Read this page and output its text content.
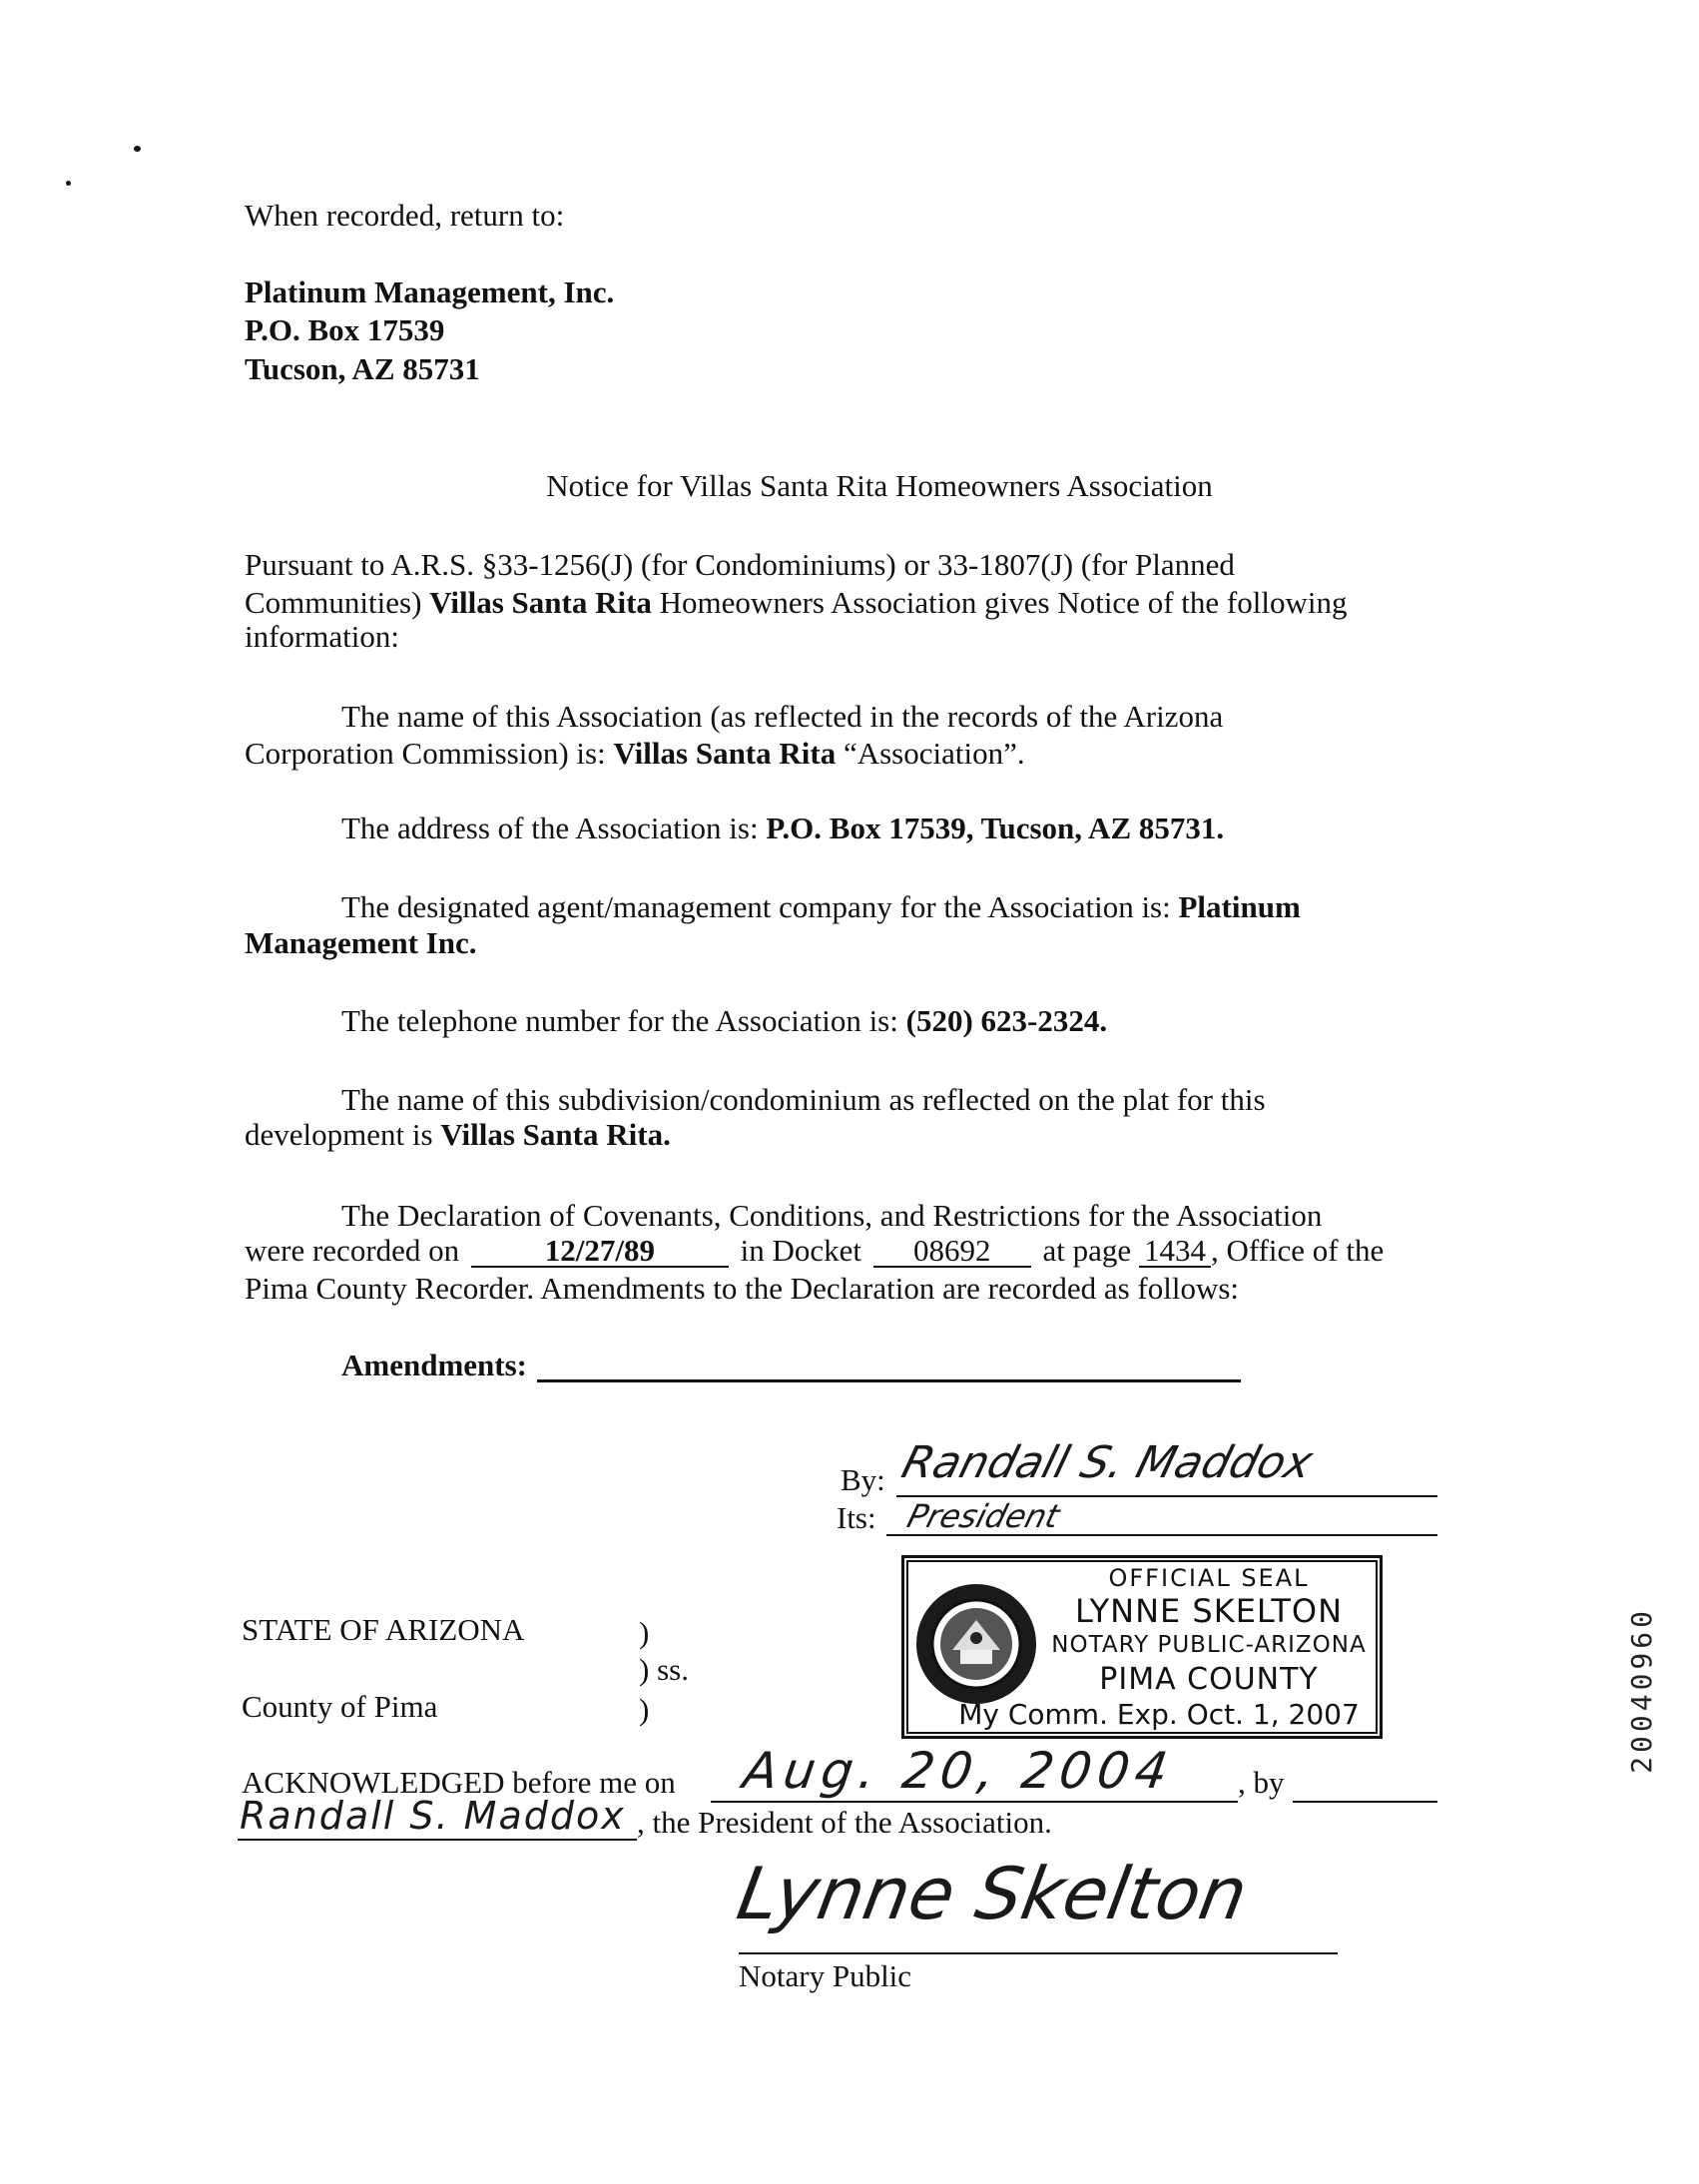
When recorded, return to:
Platinum Management, Inc.
P.O. Box 17539
Tucson, AZ 85731
Notice for Villas Santa Rita Homeowners Association
Pursuant to A.R.S. §33-1256(J) (for Condominiums) or 33-1807(J) (for Planned
Communities) Villas Santa Rita Homeowners Association gives Notice of the following
information:
The name of this Association (as reflected in the records of the Arizona
Corporation Commission) is: Villas Santa Rita “Association”.
The address of the Association is: P.O. Box 17539, Tucson, AZ 85731.
The designated agent/management company for the Association is: Platinum
Management Inc.
The telephone number for the Association is: (520) 623-2324.
The name of this subdivision/condominium as reflected on the plat for this
development is Villas Santa Rita.
The Declaration of Covenants, Conditions, and Restrictions for the Association
were recorded on	12/27/89	in Docket 08692 at page 1434 , Office of the
Pima County Recorder. Amendments to the Declaration are recorded as follows:
Amendments:
By: Randall S. Maddox
Its: President
OFFICIAL SEAL
LYNNE SKELTON
NOTARY PUBLIC-ARIZONA
PIMA COUNTY
My Comm. Exp. Oct. 1, 2007
STATE OF ARIZONA	)
) ss.
County of Pima	)
ACKNOWLEDGED before me on Aug. 20, 2004 , by
Randall S. Maddox , the President of the Association.
Lynne Skelton
Notary Public
20040960
